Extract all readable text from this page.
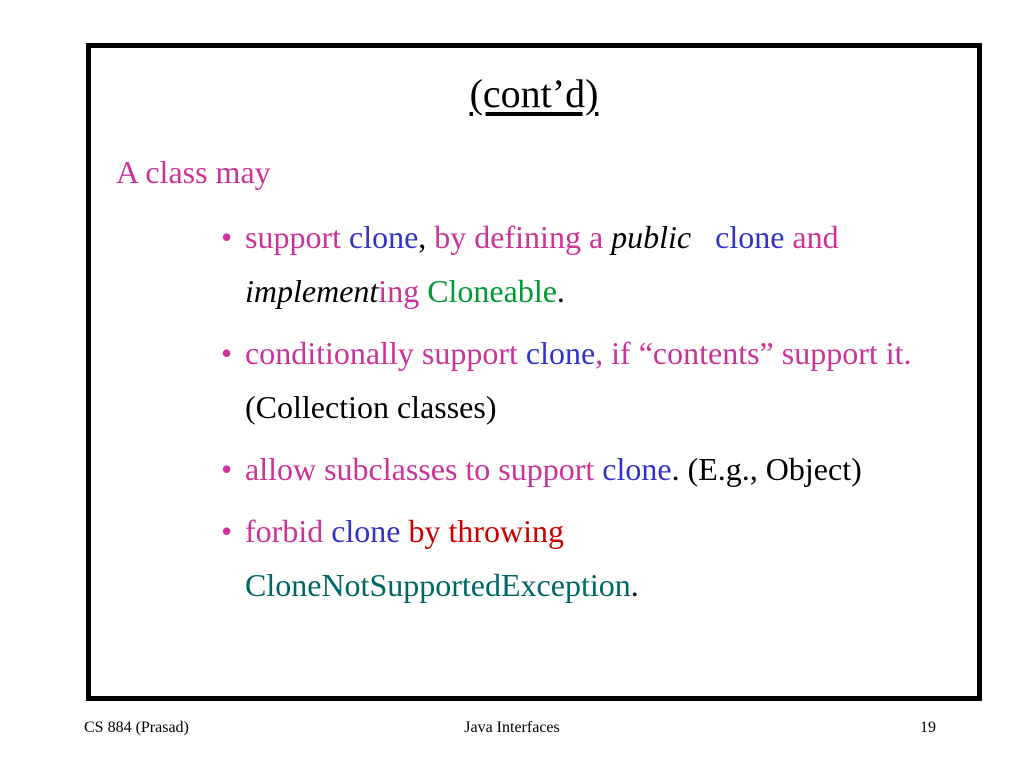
(cont’d)
A class may
• support clone, by defining a public clone and implementing Cloneable.
• conditionally support clone, if “contents” support it. (Collection classes)
• allow subclasses to support clone. (E.g., Object)
• forbid clone by throwing
CloneNotSupportedException.
CS 884 (Prasad)	Java Interfaces	19
